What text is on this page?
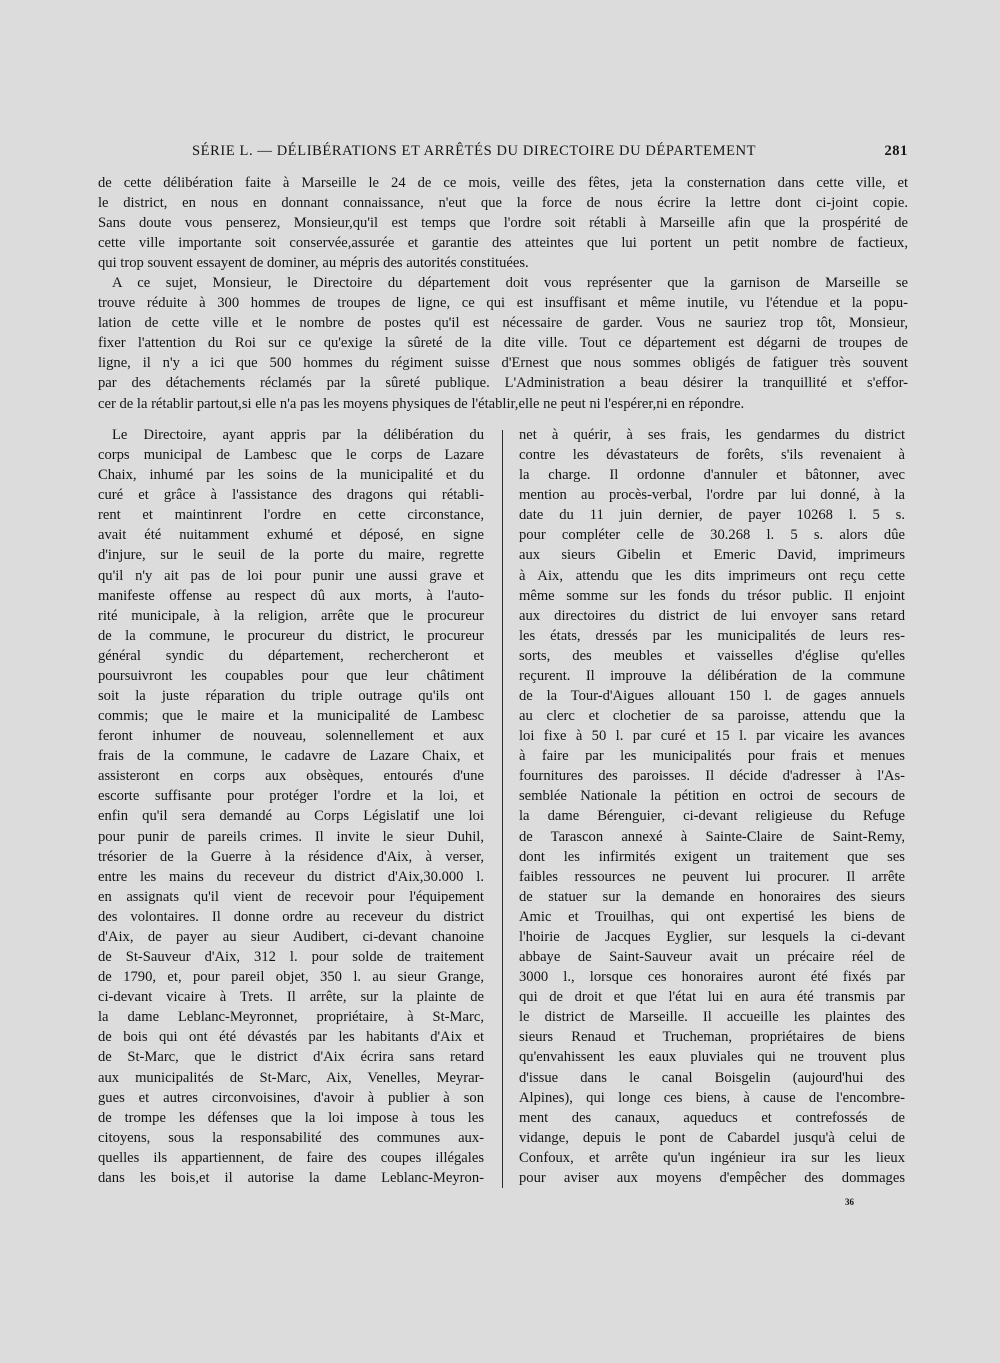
SÉRIE L. — DÉLIBÉRATIONS ET ARRÊTÉS DU DIRECTOIRE DU DÉPARTEMENT	281
de cette délibération faite à Marseille le 24 de ce mois, veille des fêtes, jeta la consternation dans cette ville, et
le district, en nous en donnant connaissance, n'eut que la force de nous écrire la lettre dont ci-joint copie.
Sans doute vous penserez, Monsieur,qu'il est temps que l'ordre soit rétabli à Marseille afin que la prospérité de
cette ville importante soit conservée,assurée et garantie des atteintes que lui portent un petit nombre de factieux,
qui trop souvent essayent de dominer, au mépris des autorités constituées.
A ce sujet, Monsieur, le Directoire du département doit vous représenter que la garnison de Marseille se
trouve réduite à 300 hommes de troupes de ligne, ce qui est insuffisant et même inutile, vu l'étendue et la popu-
lation de cette ville et le nombre de postes qu'il est nécessaire de garder. Vous ne sauriez trop tôt, Monsieur,
fixer l'attention du Roi sur ce qu'exige la sûreté de la dite ville. Tout ce département est dégarni de troupes de
ligne, il n'y a ici que 500 hommes du régiment suisse d'Ernest que nous sommes obligés de fatiguer très souvent
par des détachements réclamés par la sûreté publique. L'Administration a beau désirer la tranquillité et s'effor-
cer de la rétablir partout,si elle n'a pas les moyens physiques de l'établir,elle ne peut ni l'espérer,ni en répondre.
Le Directoire, ayant appris par la délibération du
corps municipal de Lambesc que le corps de Lazare
Chaix, inhumé par les soins de la municipalité et du
curé et grâce à l'assistance des dragons qui rétabli-
rent et maintinrent l'ordre en cette circonstance,
avait été nuitamment exhumé et déposé, en signe
d'injure, sur le seuil de la porte du maire, regrette
qu'il n'y ait pas de loi pour punir une aussi grave et
manifeste offense au respect dû aux morts, à l'auto-
rité municipale, à la religion, arrête que le procureur
de la commune, le procureur du district, le procureur
général syndic du département, rechercheront et
poursuivront les coupables pour que leur châtiment
soit la juste réparation du triple outrage qu'ils ont
commis; que le maire et la municipalité de Lambesc
feront inhumer de nouveau, solennellement et aux
frais de la commune, le cadavre de Lazare Chaix, et
assisteront en corps aux obsèques, entourés d'une
escorte suffisante pour protéger l'ordre et la loi, et
enfin qu'il sera demandé au Corps Législatif une loi
pour punir de pareils crimes. Il invite le sieur Duhil,
trésorier de la Guerre à la résidence d'Aix, à verser,
entre les mains du receveur du district d'Aix,30.000 l.
en assignats qu'il vient de recevoir pour l'équipement
des volontaires. Il donne ordre au receveur du district
d'Aix, de payer au sieur Audibert, ci-devant chanoine
de St-Sauveur d'Aix, 312 l. pour solde de traitement
de 1790, et, pour pareil objet, 350 l. au sieur Grange,
ci-devant vicaire à Trets. Il arrête, sur la plainte de
la dame Leblanc-Meyronnet, propriétaire, à St-Marc,
de bois qui ont été dévastés par les habitants d'Aix et
de St-Marc, que le district d'Aix écrira sans retard
aux municipalités de St-Marc, Aix, Venelles, Meyrar-
gues et autres circonvoisines, d'avoir à publier à son
de trompe les défenses que la loi impose à tous les
citoyens, sous la responsabilité des communes aux-
quelles ils appartiennent, de faire des coupes illégales
dans les bois,et il autorise la dame Leblanc-Meyron-
net à quérir, à ses frais, les gendarmes du district
contre les dévastateurs de forêts, s'ils revenaient à
la charge. Il ordonne d'annuler et bâtonner, avec
mention au procès-verbal, l'ordre par lui donné, à la
date du 11 juin dernier, de payer 10268 l. 5 s.
pour compléter celle de 30.268 l. 5 s. alors dûe
aux sieurs Gibelin et Emeric David, imprimeurs
à Aix, attendu que les dits imprimeurs ont reçu cette
même somme sur les fonds du trésor public. Il enjoint
aux directoires du district de lui envoyer sans retard
les états, dressés par les municipalités de leurs res-
sorts, des meubles et vaisselles d'église qu'elles
reçurent. Il improuve la délibération de la commune
de la Tour-d'Aigues allouant 150 l. de gages annuels
au clerc et clochetier de sa paroisse, attendu que la
loi fixe à 50 l. par curé et 15 l. par vicaire les avances
à faire par les municipalités pour frais et menues
fournitures des paroisses. Il décide d'adresser à l'As-
semblée Nationale la pétition en octroi de secours de
la dame Bérenguier, ci-devant religieuse du Refuge
de Tarascon annexé à Sainte-Claire de Saint-Remy,
dont les infirmités exigent un traitement que ses
faibles ressources ne peuvent lui procurer. Il arrête
de statuer sur la demande en honoraires des sieurs
Amic et Trouilhas, qui ont expertisé les biens de
l'hoirie de Jacques Eyglier, sur lesquels la ci-devant
abbaye de Saint-Sauveur avait un précaire réel de
3000 l., lorsque ces honoraires auront été fixés par
qui de droit et que l'état lui en aura été transmis par
le district de Marseille. Il accueille les plaintes des
sieurs Renaud et Trucheman, propriétaires de biens
qu'envahissent les eaux pluviales qui ne trouvent plus
d'issue dans le canal Boisgelin (aujourd'hui des
Alpines), qui longe ces biens, à cause de l'encombre-
ment des canaux, aqueducs et contrefossés de
vidange, depuis le pont de Cabardel jusqu'à celui de
Confoux, et arrête qu'un ingénieur ira sur les lieux
pour aviser aux moyens d'empêcher des dommages
36
